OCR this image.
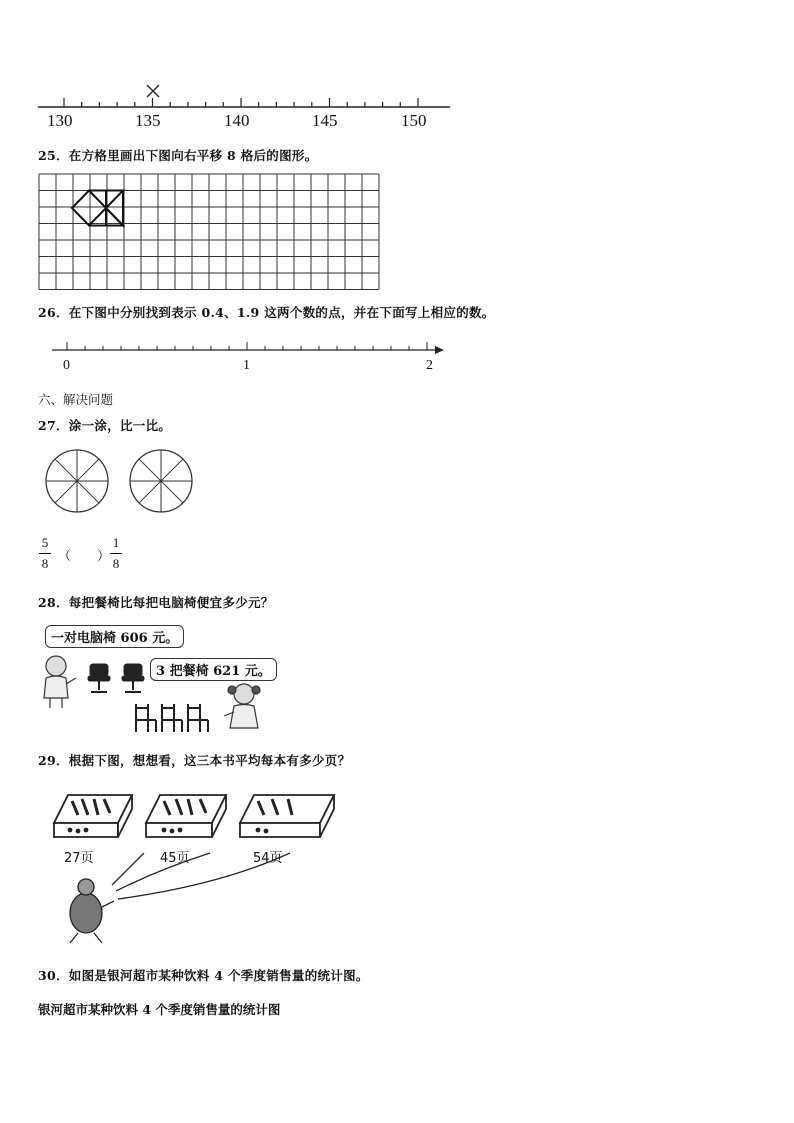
130	135	140	145	150
25．在方格里画出下图向右平移 8 格后的图形。
26．在下图中分别找到表示 0.4、1.9 这两个数的点，并在下面写上相应的数。
0	1	2
六、解决问题
27．涂一涂，比一比。
5
8 （　　）
1
8
28．每把餐椅比每把电脑椅便宜多少元？
一对电脑椅 606 元。
3 把餐椅 621 元。
29．根据下图，想想看，这三本书平均每本有多少页？
27页	45页	54页
30．如图是银河超市某种饮料 4 个季度销售量的统计图。
银河超市某种饮料 4 个季度销售量的统计图
